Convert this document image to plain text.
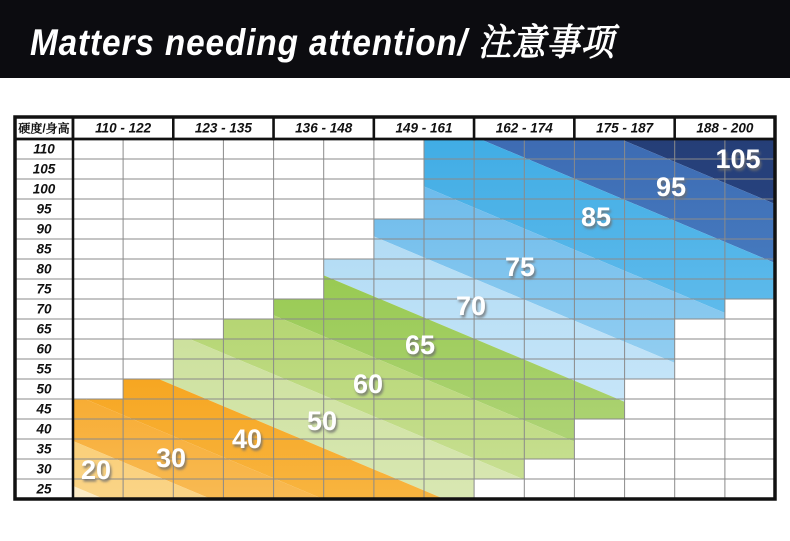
硬度/身高 110 - 122	123 - 135	136 - 148	149 - 161	162 - 174	175 - 187	188 - 200
110
105
100
95
90
85
80
75
70
65
60
55
50
45
40
35
30
25
20 30
40
50
60
65
70
75
85
95
105
Matters needing attention/ 注意事项
